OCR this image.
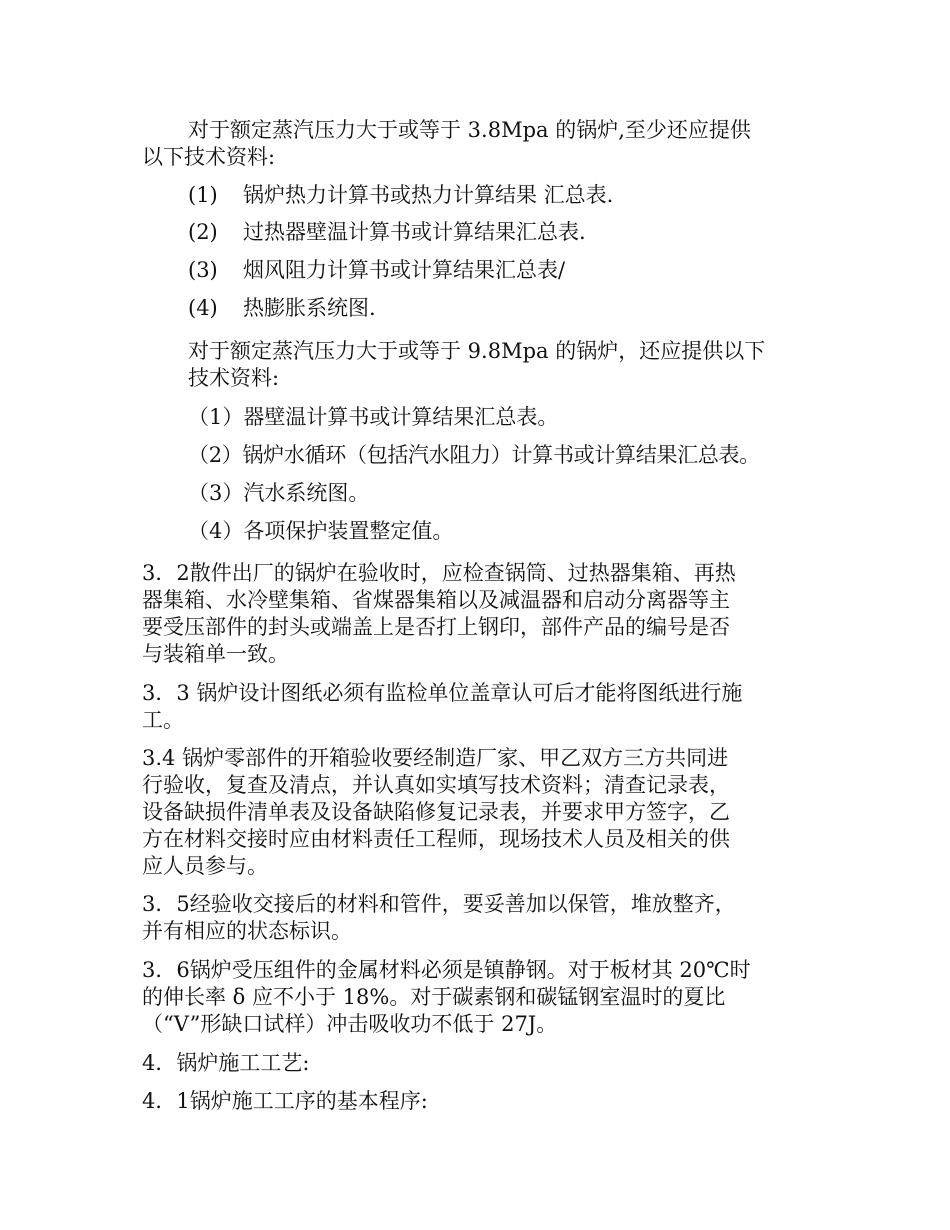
对于额定蒸汽压力大于或等于 3.8Mpa 的锅炉,至少还应提供
以下技术资料:
(1) 锅炉热力计算书或热力计算结果 汇总表.
(2) 过热器壁温计算书或计算结果汇总表.
(3) 烟风阻力计算书或计算结果汇总表/
(4) 热膨胀系统图.
对于额定蒸汽压力大于或等于 9.8Mpa 的锅炉，还应提供以下
技术资料:
（1）器壁温计算书或计算结果汇总表。
（2）锅炉水循环（包括汽水阻力）计算书或计算结果汇总表。
（3）汽水系统图。
（4）各项保护装置整定值。
3．2散件出厂的锅炉在验收时，应检查锅筒、过热器集箱、再热
器集箱、水冷壁集箱、省煤器集箱以及减温器和启动分离器等主
要受压部件的封头或端盖上是否打上钢印，部件产品的编号是否
与装箱单一致。
3．3 锅炉设计图纸必须有监检单位盖章认可后才能将图纸进行施
工。
3.4 锅炉零部件的开箱验收要经制造厂家、甲乙双方三方共同进
行验收，复查及清点，并认真如实填写技术资料；清查记录表，
设备缺损件清单表及设备缺陷修复记录表，并要求甲方签字，乙
方在材料交接时应由材料责任工程师，现场技术人员及相关的供
应人员参与。
3．5经验收交接后的材料和管件，要妥善加以保管，堆放整齐，
并有相应的状态标识。
3．6锅炉受压组件的金属材料必须是镇静钢。对于板材其 20℃时
的伸长率 δ 应不小于 18%。对于碳素钢和碳锰钢室温时的夏比
（“V”形缺口试样）冲击吸收功不低于 27J。
4．锅炉施工工艺:
4．1锅炉施工工序的基本程序:
